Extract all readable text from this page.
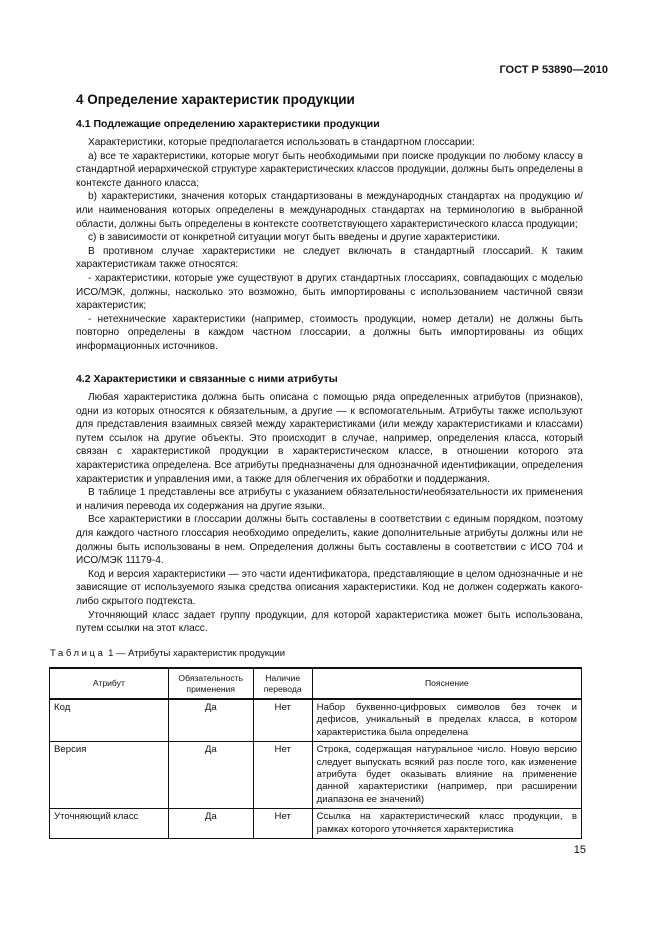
ГОСТ Р 53890—2010
4 Определение характеристик продукции
4.1 Подлежащие определению характеристики продукции

Характеристики, которые предполагается использовать в стандартном глоссарии:

а) все те характеристики, которые могут быть необходимыми при поиске продукции по любому классу в стандартной иерархической структуре характеристических классов продукции, должны быть определены в контексте данного класса;

b) характеристики, значения которых стандартизованы в международных стандартах на продукцию и/или наименования которых определены в международных стандартах на терминологию в выбранной области, должны быть определены в контексте соответствующего характеристического класса продукции;

с) в зависимости от конкретной ситуации могут быть введены и другие характеристики.

В противном случае характеристики не следует включать в стандартный глоссарий. К таким характеристикам также относятся:

- характеристики, которые уже существуют в других стандартных глоссариях, совпадающих с моделью ИСО/МЭК, должны, насколько это возможно, быть импортированы с использованием частичной связи характеристик;

- нетехнические характеристики (например, стоимость продукции, номер детали) не должны быть повторно определены в каждом частном глоссарии, а должны быть импортированы из общих информационных источников.

4.2 Характеристики и связанные с ними атрибуты

Любая характеристика должна быть описана с помощью ряда определенных атрибутов (признаков), одни из которых относятся к обязательным, а другие — к вспомогательным. Атрибуты также используют для представления взаимных связей между характеристиками (или между характеристиками и классами) путем ссылок на другие объекты. Это происходит в случае, например, определения класса, который связан с характеристикой продукции в характеристическом классе, в отношении которого эта характеристика определена. Все атрибуты предназначены для однозначной идентификации, определения характеристик и управления ими, а также для облегчения их обработки и поддержания.

В таблице 1 представлены все атрибуты с указанием обязательности/необязательности их применения и наличия перевода их содержания на другие языки.

Все характеристики в глоссарии должны быть составлены в соответствии с единым порядком, поэтому для каждого частного глоссария необходимо определить, какие дополнительные атрибуты должны или не должны быть использованы в нем. Определения должны быть составлены в соответствии с ИСО 704 и ИСО/МЭК 11179-4.

Код и версия характеристики — это части идентификатора, представляющие в целом однозначные и не зависящие от используемого языка средства описания характеристики. Код не должен содержать какого-либо скрытого подтекста.

Уточняющий класс задает группу продукции, для которой характеристика может быть использована, путем ссылки на этот класс.

Таблица 1 — Атрибуты характеристик продукции
Атрибут	Обязательность применения	Наличие перевода	Пояснение
Код	Да	Нет	Набор буквенно-цифровых символов без точек и дефисов, уникальный в пределах класса, в котором характеристика была определена
Версия	Да	Нет	Строка, содержащая натуральное число. Новую версию следует выпускать всякий раз после того, как изменение атрибута будет оказывать влияние на применение данной характеристики (например, при расширении диапазона ее значений)
Уточняющий класс	Да	Нет	Ссылка на характеристический класс продукции, в рамках которого уточняется характеристика
15
